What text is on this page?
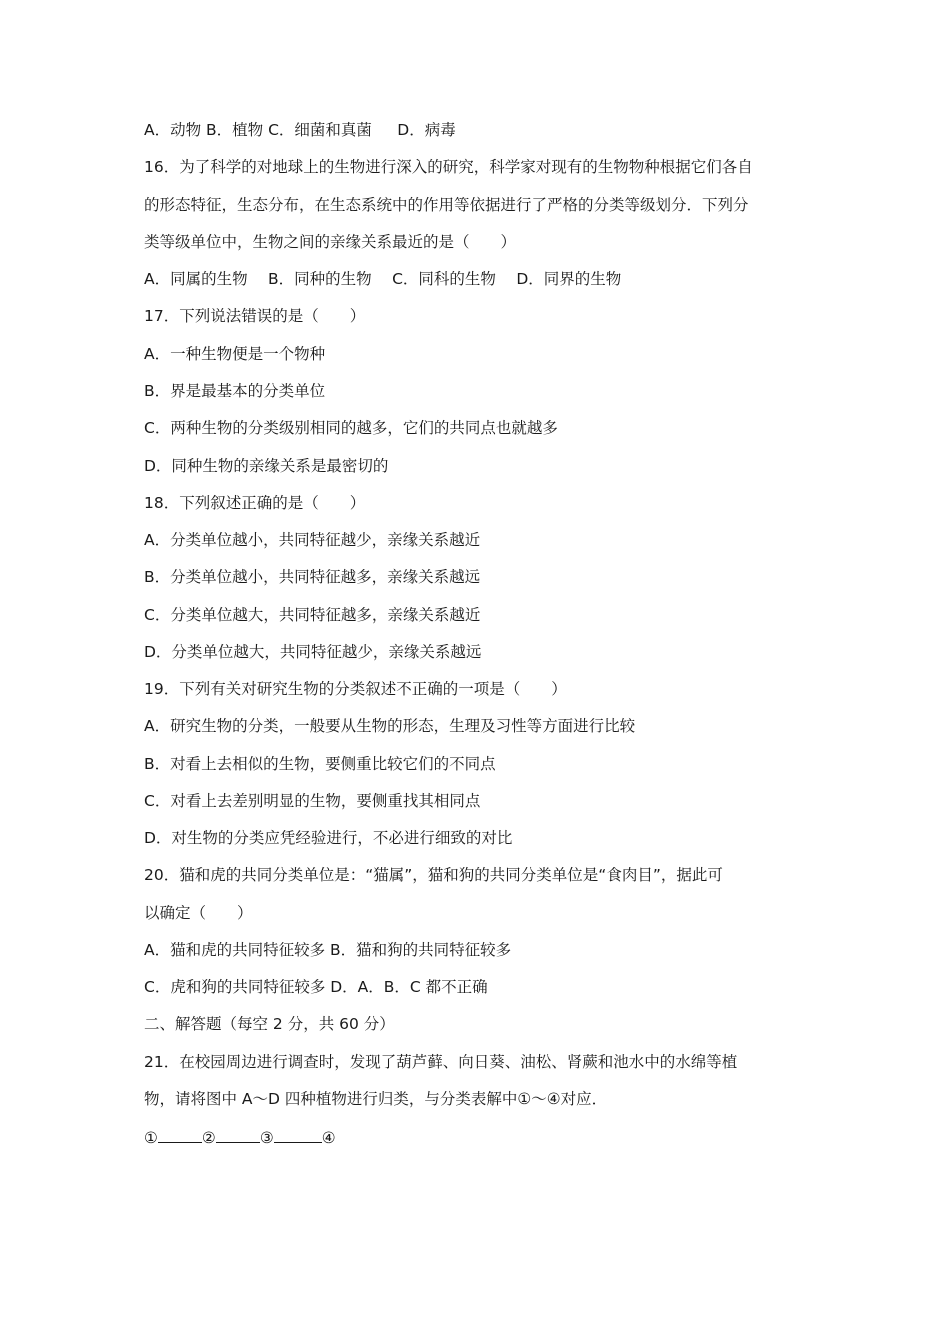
A．动物 B．植物 C．细菌和真菌 　 D．病毒
16．为了科学的对地球上的生物进行深入的研究，科学家对现有的生物物种根据它们各自
的形态特征，生态分布，在生态系统中的作用等依据进行了严格的分类等级划分．下列分
类等级单位中，生物之间的亲缘关系最近的是（　　）
A．同属的生物　 B．同种的生物　 C．同科的生物　 D．同界的生物
17．下列说法错误的是（　　）
A．一种生物便是一个物种
B．界是最基本的分类单位
C．两种生物的分类级别相同的越多，它们的共同点也就越多
D．同种生物的亲缘关系是最密切的
18．下列叙述正确的是（　　）
A．分类单位越小，共同特征越少，亲缘关系越近
B．分类单位越小，共同特征越多，亲缘关系越远
C．分类单位越大，共同特征越多，亲缘关系越近
D．分类单位越大，共同特征越少，亲缘关系越远
19．下列有关对研究生物的分类叙述不正确的一项是（　　）
A．研究生物的分类，一般要从生物的形态，生理及习性等方面进行比较
B．对看上去相似的生物，要侧重比较它们的不同点
C．对看上去差别明显的生物，要侧重找其相同点
D．对生物的分类应凭经验进行，不必进行细致的对比
20．猫和虎的共同分类单位是：“猫属”，猫和狗的共同分类单位是“食肉目”，据此可
以确定（　　）
A．猫和虎的共同特征较多 B．猫和狗的共同特征较多
C．虎和狗的共同特征较多 D．A．B．C 都不正确
二、解答题（每空 2 分，共 60 分）
21．在校园周边进行调查时，发现了葫芦藓、向日葵、油松、肾蕨和池水中的水绵等植
物，请将图中 A～D 四种植物进行归类，与分类表解中①～④对应．
①	②	③	④
